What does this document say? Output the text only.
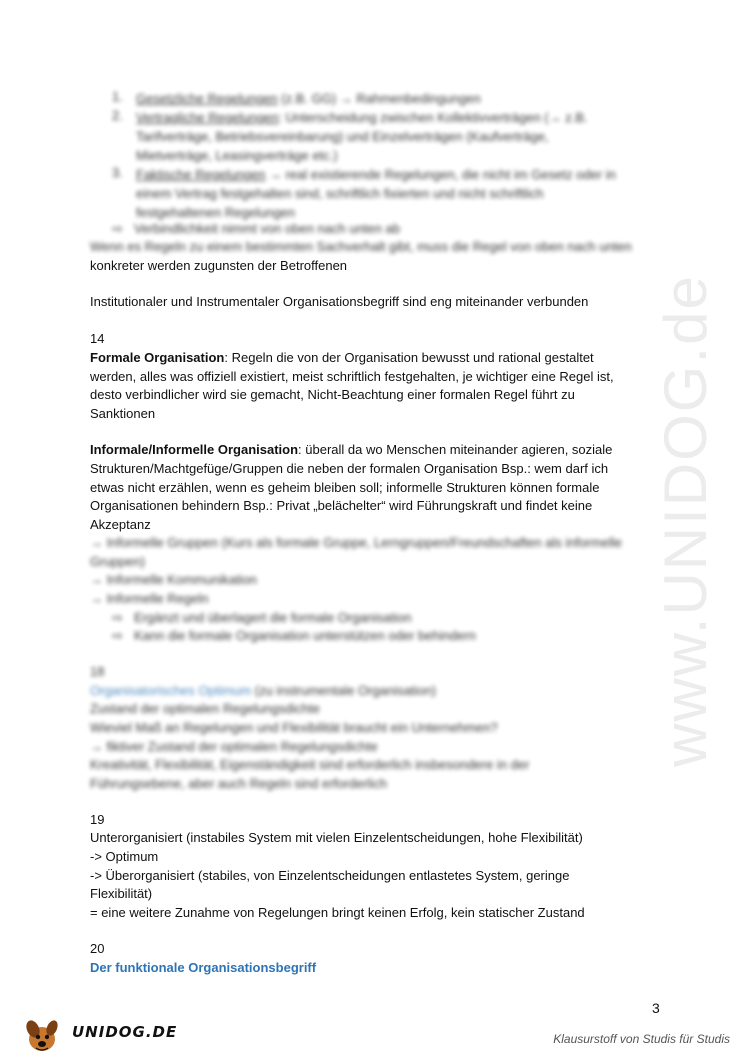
www.UNIDOG.de
1.	Gesetzliche Regelungen (z.B. GG) → Rahmenbedingungen
2.	Vertragliche Regelungen: Unterscheidung zwischen Kollektivverträgen (→ z.B.
Tarifverträge, Betriebsvereinbarung) und Einzelverträgen (Kaufverträge,
Mietverträge, Leasingverträge etc.)
3.	Faktische Regelungen → real existierende Regelungen, die nicht im Gesetz oder in
einem Vertrag festgehalten sind, schriftlich fixierten und nicht schriftlich
festgehaltenen Regelungen
⇨ Verbindlichkeit nimmt von oben nach unten ab
Wenn es Regeln zu einem bestimmten Sachverhalt gibt, muss die Regel von oben nach unten
konkreter werden zugunsten der Betroffenen
Institutionaler und Instrumentaler Organisationsbegriff sind eng miteinander verbunden
14
Formale Organisation: Regeln die von der Organisation bewusst und rational gestaltet
werden, alles was offiziell existiert, meist schriftlich festgehalten, je wichtiger eine Regel ist,
desto verbindlicher wird sie gemacht, Nicht-Beachtung einer formalen Regel führt zu
Sanktionen
Informale/Informelle Organisation: überall da wo Menschen miteinander agieren, soziale
Strukturen/Machtgefüge/Gruppen die neben der formalen Organisation Bsp.: wem darf ich
etwas nicht erzählen, wenn es geheim bleiben soll; informelle Strukturen können formale
Organisationen behindern Bsp.: Privat „belächelter“ wird Führungskraft und findet keine
Akzeptanz
→ Informelle Gruppen (Kurs als formale Gruppe, Lerngruppen/Freundschaften als informelle
Gruppen)
→ Informelle Kommunikation
→ Informelle Regeln
⇨ Ergänzt und überlagert die formale Organisation
⇨ Kann die formale Organisation unterstützen oder behindern
18
Organisatorisches Optimum (zu instrumentale Organisation)
Zustand der optimalen Regelungsdichte
Wieviel Maß an Regelungen und Flexibilität braucht ein Unternehmen?
→ fiktiver Zustand der optimalen Regelungsdichte
Kreativität, Flexibilität, Eigenständigkeit sind erforderlich insbesondere in der
Führungsebene, aber auch Regeln sind erforderlich
19
Unterorganisiert (instabiles System mit vielen Einzelentscheidungen, hohe Flexibilität)
-> Optimum
-> Überorganisiert (stabiles, von Einzelentscheidungen entlastetes System, geringe
Flexibilität)
= eine weitere Zunahme von Regelungen bringt keinen Erfolg, kein statischer Zustand
20
Der funktionale Organisationsbegriff
3
UNIDOG.DE	Klausurstoff von Studis für Studis
